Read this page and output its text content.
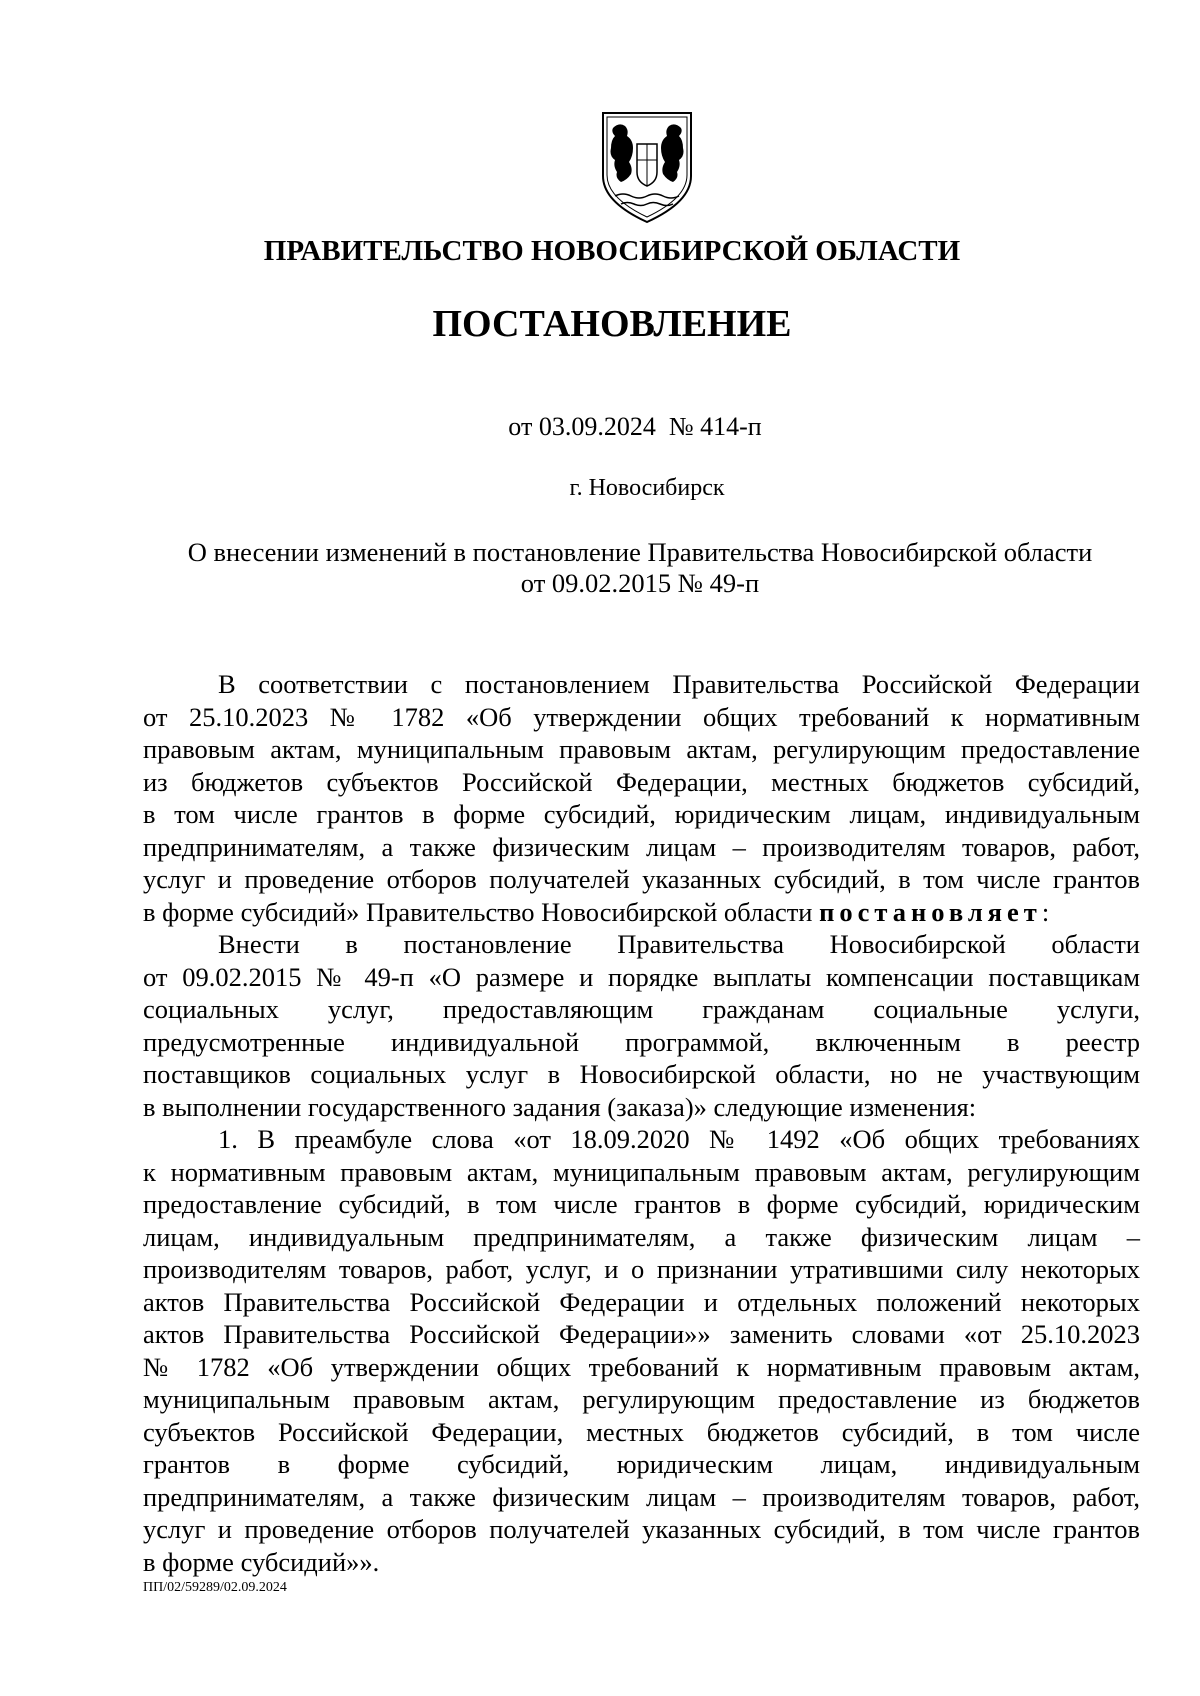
ПРАВИТЕЛЬСТВО НОВОСИБИРСКОЙ ОБЛАСТИ
ПОСТАНОВЛЕНИЕ
от 03.09.2024  № 414-п
г. Новосибирск
О внесении изменений в постановление Правительства Новосибирской области
от 09.02.2015 № 49-п

В соответствии с постановлением Правительства Российской Федерации
от 25.10.2023 № 1782 «Об утверждении общих требований к нормативным
правовым актам, муниципальным правовым актам, регулирующим предоставление
из бюджетов субъектов Российской Федерации, местных бюджетов субсидий,
в том числе грантов в форме субсидий, юридическим лицам, индивидуальным
предпринимателям, а также физическим лицам – производителям товаров, работ,
услуг и проведение отборов получателей указанных субсидий, в том числе грантов
в форме субсидий» Правительство Новосибирской области постановляет:

Внести в постановление Правительства Новосибирской области
от 09.02.2015 № 49-п «О размере и порядке выплаты компенсации поставщикам
социальных услуг, предоставляющим гражданам социальные услуги,
предусмотренные индивидуальной программой, включенным в реестр
поставщиков социальных услуг в Новосибирской области, но не участвующим
в выполнении государственного задания (заказа)» следующие изменения:

1. В преамбуле слова «от 18.09.2020 № 1492 «Об общих требованиях
к нормативным правовым актам, муниципальным правовым актам, регулирующим
предоставление субсидий, в том числе грантов в форме субсидий, юридическим
лицам, индивидуальным предпринимателям, а также физическим лицам –
производителям товаров, работ, услуг, и о признании утратившими силу некоторых
актов Правительства Российской Федерации и отдельных положений некоторых
актов Правительства Российской Федерации»» заменить словами «от 25.10.2023
№ 1782 «Об утверждении общих требований к нормативным правовым актам,
муниципальным правовым актам, регулирующим предоставление из бюджетов
субъектов Российской Федерации, местных бюджетов субсидий, в том числе
грантов в форме субсидий, юридическим лицам, индивидуальным
предпринимателям, а также физическим лицам – производителям товаров, работ,
услуг и проведение отборов получателей указанных субсидий, в том числе грантов
в форме субсидий»».

ПП/02/59289/02.09.2024
